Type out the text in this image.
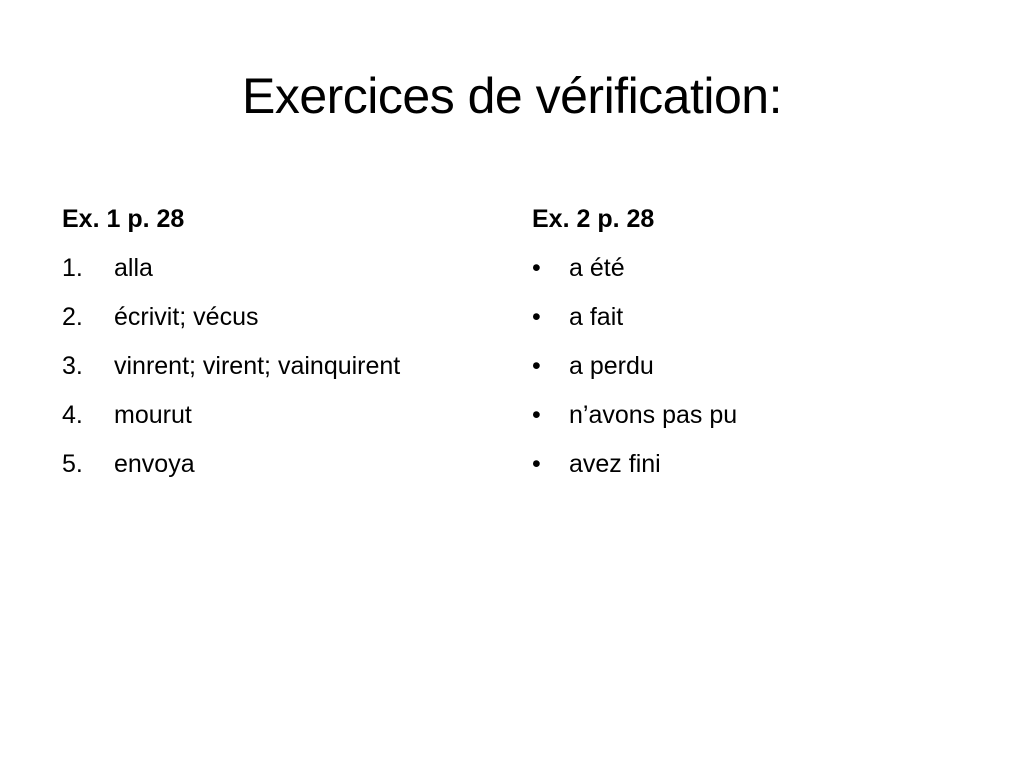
Exercices de vérification:
Ex. 1 p. 28
1.	alla
2.	écrivit; vécus
3.	vinrent; virent; vainquirent
4.	mourut
5.	envoya
Ex. 2 p. 28
•	a été
•	a fait
•	a perdu
•	n’avons pas pu
•	avez fini
